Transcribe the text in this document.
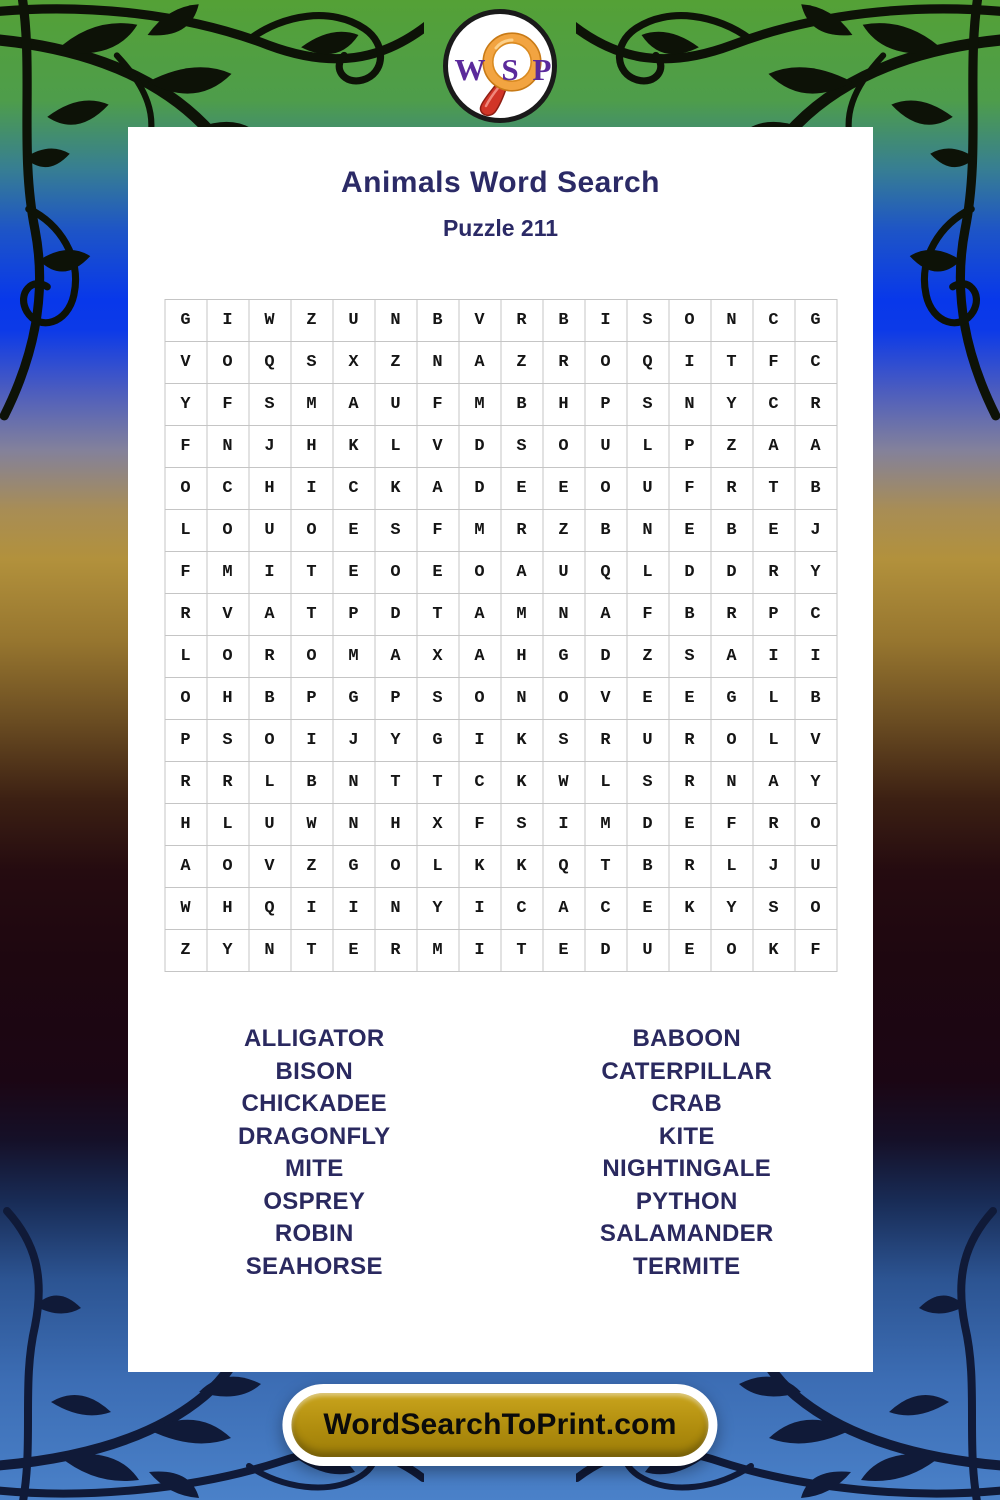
W S P
Animals Word Search
Puzzle 211
G	I	W	Z	U	N	B	V	R	B	I	S	O	N	C	G
V	O	Q	S	X	Z	N	A	Z	R	O	Q	I	T	F	C
Y	F	S	M	A	U	F	M	B	H	P	S	N	Y	C	R
F	N	J	H	K	L	V	D	S	O	U	L	P	Z	A	A
O	C	H	I	C	K	A	D	E	E	O	U	F	R	T	B
L	O	U	O	E	S	F	M	R	Z	B	N	E	B	E	J
F	M	I	T	E	O	E	O	A	U	Q	L	D	D	R	Y
R	V	A	T	P	D	T	A	M	N	A	F	B	R	P	C
L	O	R	O	M	A	X	A	H	G	D	Z	S	A	I	I
O	H	B	P	G	P	S	O	N	O	V	E	E	G	L	B
P	S	O	I	J	Y	G	I	K	S	R	U	R	O	L	V
R	R	L	B	N	T	T	C	K	W	L	S	R	N	A	Y
H	L	U	W	N	H	X	F	S	I	M	D	E	F	R	O
A	O	V	Z	G	O	L	K	K	Q	T	B	R	L	J	U
W	H	Q	I	I	N	Y	I	C	A	C	E	K	Y	S	O
Z	Y	N	T	E	R	M	I	T	E	D	U	E	O	K	F
ALLIGATOR
BISON
CHICKADEE
DRAGONFLY
MITE
OSPREY
ROBIN
SEAHORSE
BABOON
CATERPILLAR
CRAB
KITE
NIGHTINGALE
PYTHON
SALAMANDER
TERMITE
WordSearchToPrint.com
